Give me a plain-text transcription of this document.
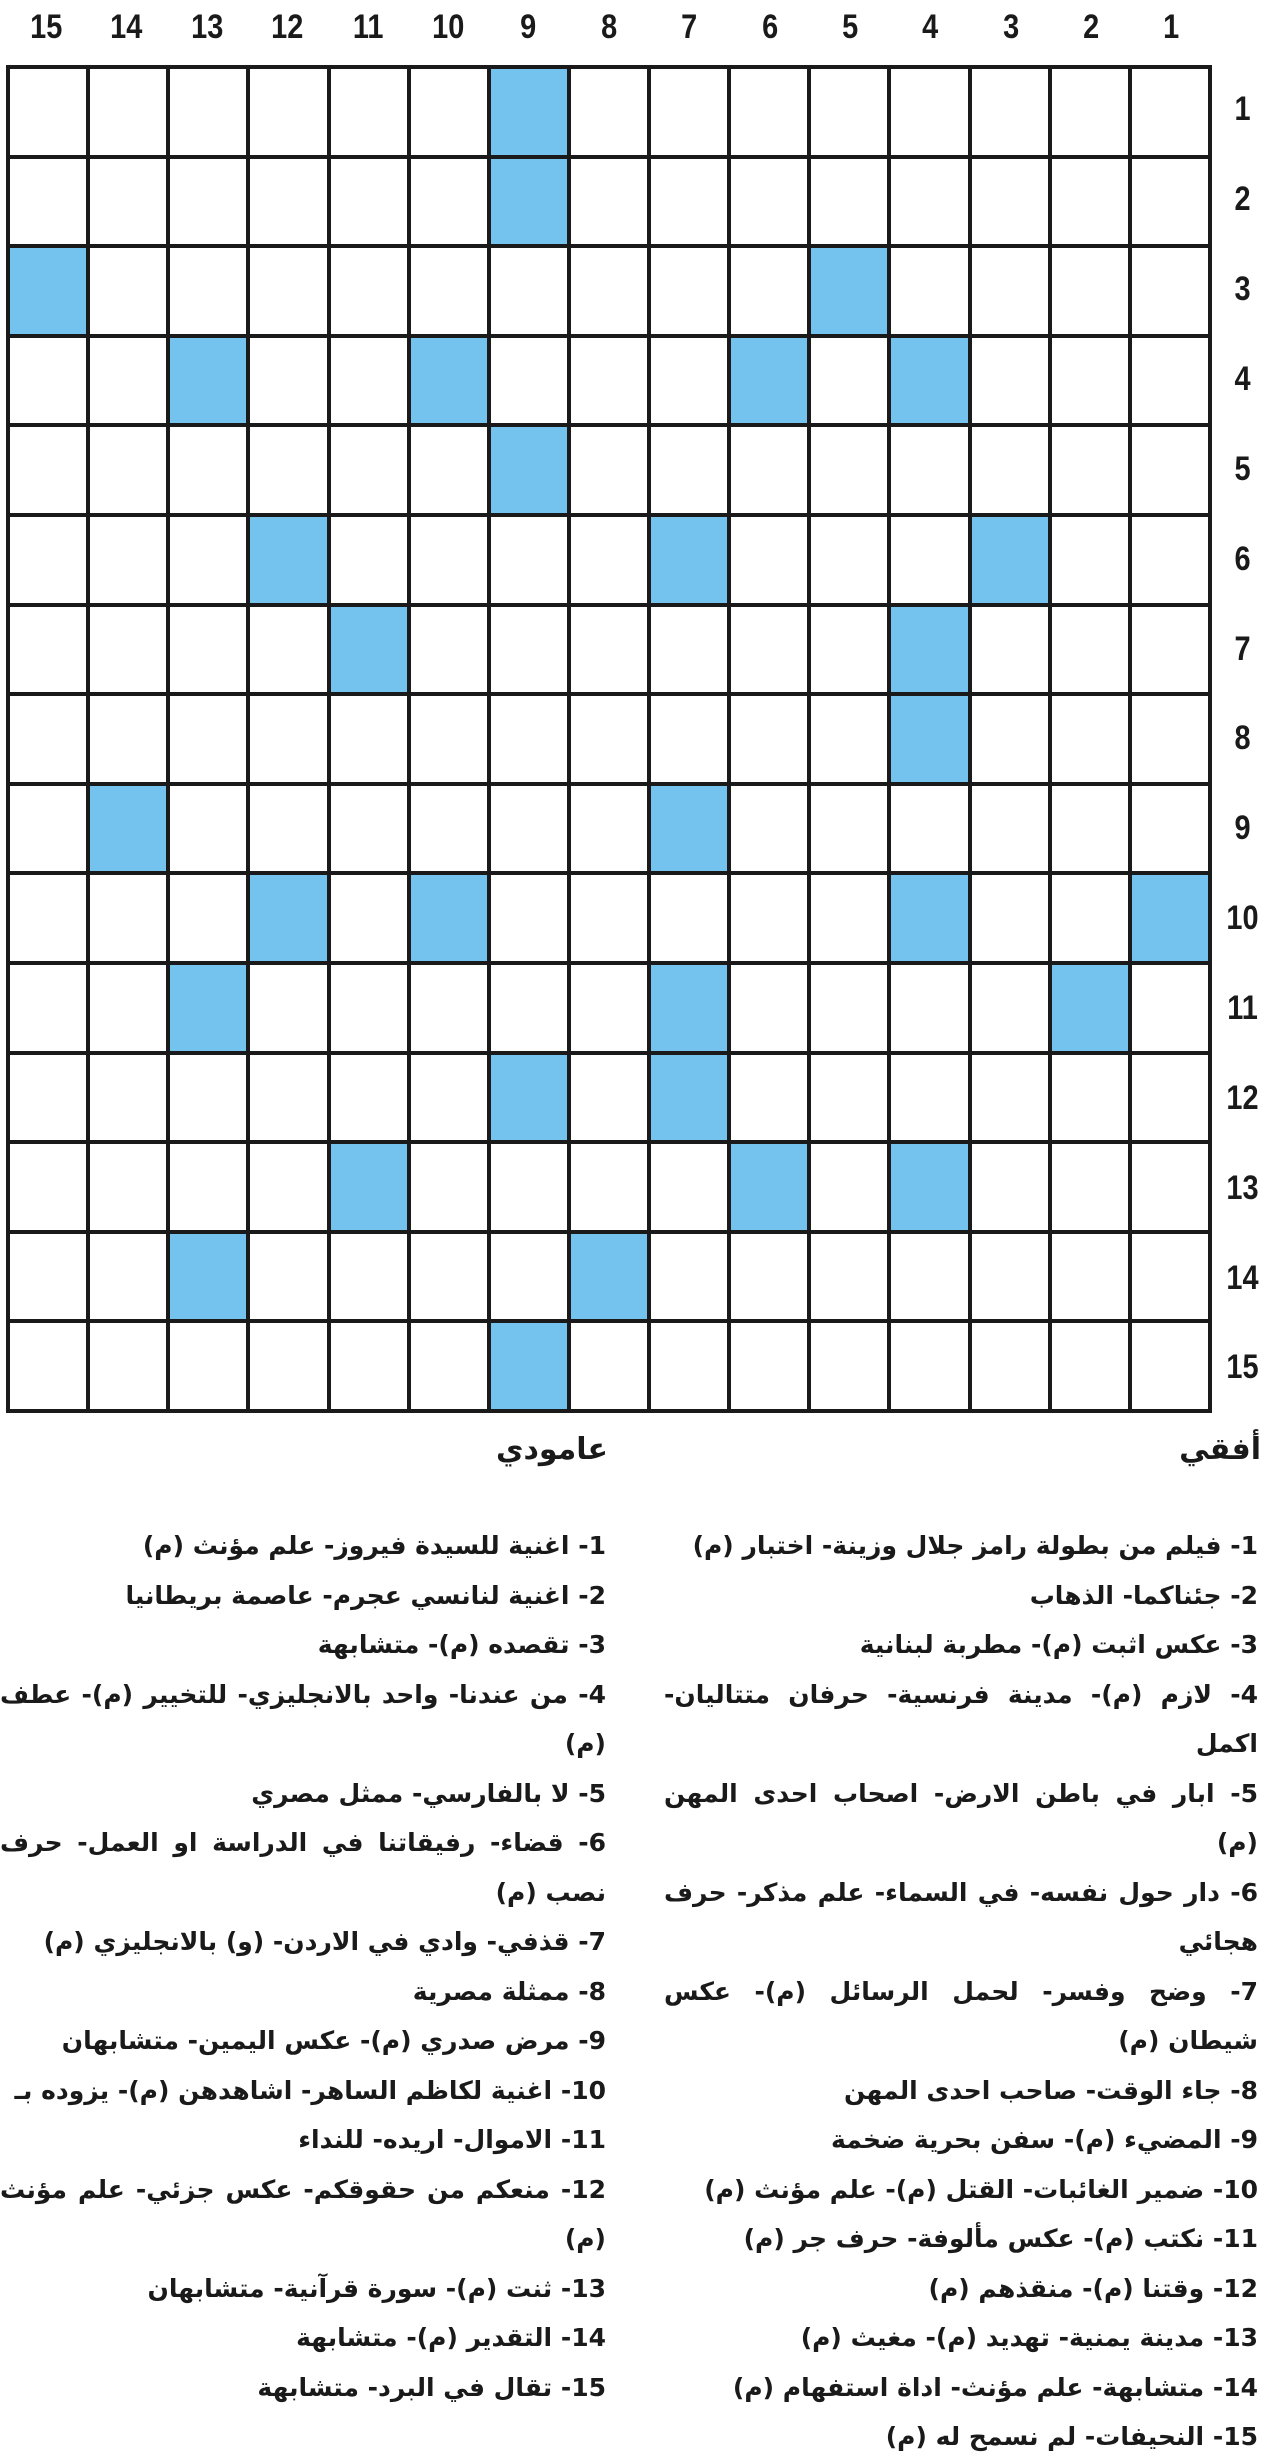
15	14	13	12	11	10	9	8	7	6	5	4	3	2	1
1
2
3
4
5
6
7
8
9
10
11
12
13
14
15
أفقي
عامودي

1- فيلم من بطولة رامز جلال وزينة- اختبار (م)

2- جئناكما- الذهاب

3- عكس اثبت (م)- مطربة لبنانية

4- لازم (م)- مدينة فرنسية- حرفان متتاليان- اكمل

5- ابار في باطن الارض- اصحاب احدى المهن (م)

6- دار حول نفسه- في السماء- علم مذكر- حرف هجائي

7- وضح وفسر- لحمل الرسائل (م)- عكس شيطان (م)

8- جاء الوقت- صاحب احدى المهن

9- المضيء (م)- سفن بحرية ضخمة

10- ضمير الغائبات- القتل (م)- علم مؤنث (م)

11- نكتب (م)- عكس مألوفة- حرف جر (م)

12- وقتنا (م)- منقذهم (م)

13- مدينة يمنية- تهديد (م)- مغيث (م)

14- متشابهة- علم مؤنث- اداة استفهام (م)

15- النحيفات- لم نسمح له (م)

1- اغنية للسيدة فيروز- علم مؤنث (م)

2- اغنية لنانسي عجرم- عاصمة بريطانيا

3- تقصده (م)- متشابهة

4- من عندنا- واحد بالانجليزي- للتخيير (م)- عطف (م)

5- لا بالفارسي- ممثل مصري

6- قضاء- رفيقاتنا في الدراسة او العمل- حرف نصب (م)

7- قذفي- وادي في الاردن- (و) بالانجليزي (م)

8- ممثلة مصرية

9- مرض صدري (م)- عكس اليمين- متشابهان

10- اغنية لكاظم الساهر- اشاهدهن (م)- يزوده بـ

11- الاموال- اريده- للنداء

12- منعكم من حقوقكم- عكس جزئي- علم مؤنث (م)

13- ثنت (م)- سورة قرآنية- متشابهان

14- التقدير (م)- متشابهة

15- تقال في البرد- متشابهة
